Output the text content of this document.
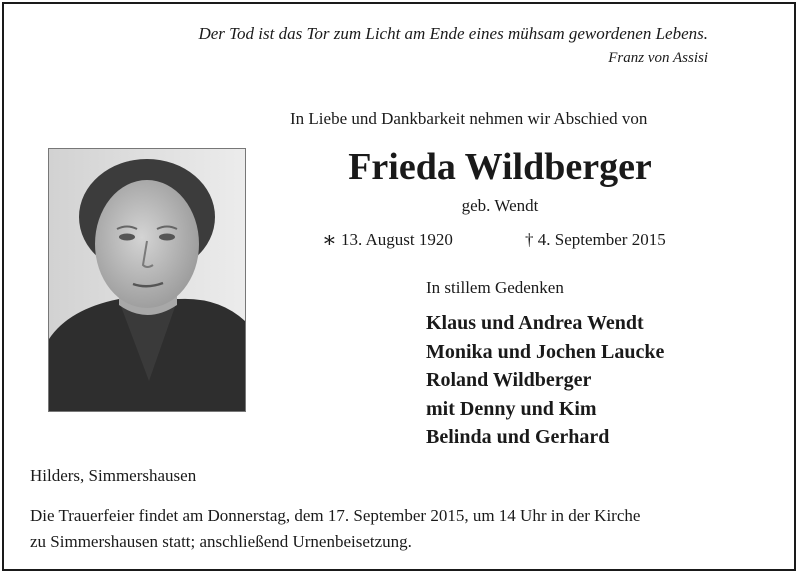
Der Tod ist das Tor zum Licht am Ende eines mühsam gewordenen Lebens.
Franz von Assisi
In Liebe und Dankbarkeit nehmen wir Abschied von
Frieda Wildberger
geb. Wendt
∗ 13. August 1920	† 4. September 2015
In stillem Gedenken
Klaus und Andrea Wendt
Monika und Jochen Laucke
Roland Wildberger
mit Denny und Kim
Belinda und Gerhard
Hilders, Simmershausen
Die Trauerfeier findet am Donnerstag, dem 17. September 2015, um 14 Uhr in der Kirche
zu Simmershausen statt; anschließend Urnenbeisetzung.
